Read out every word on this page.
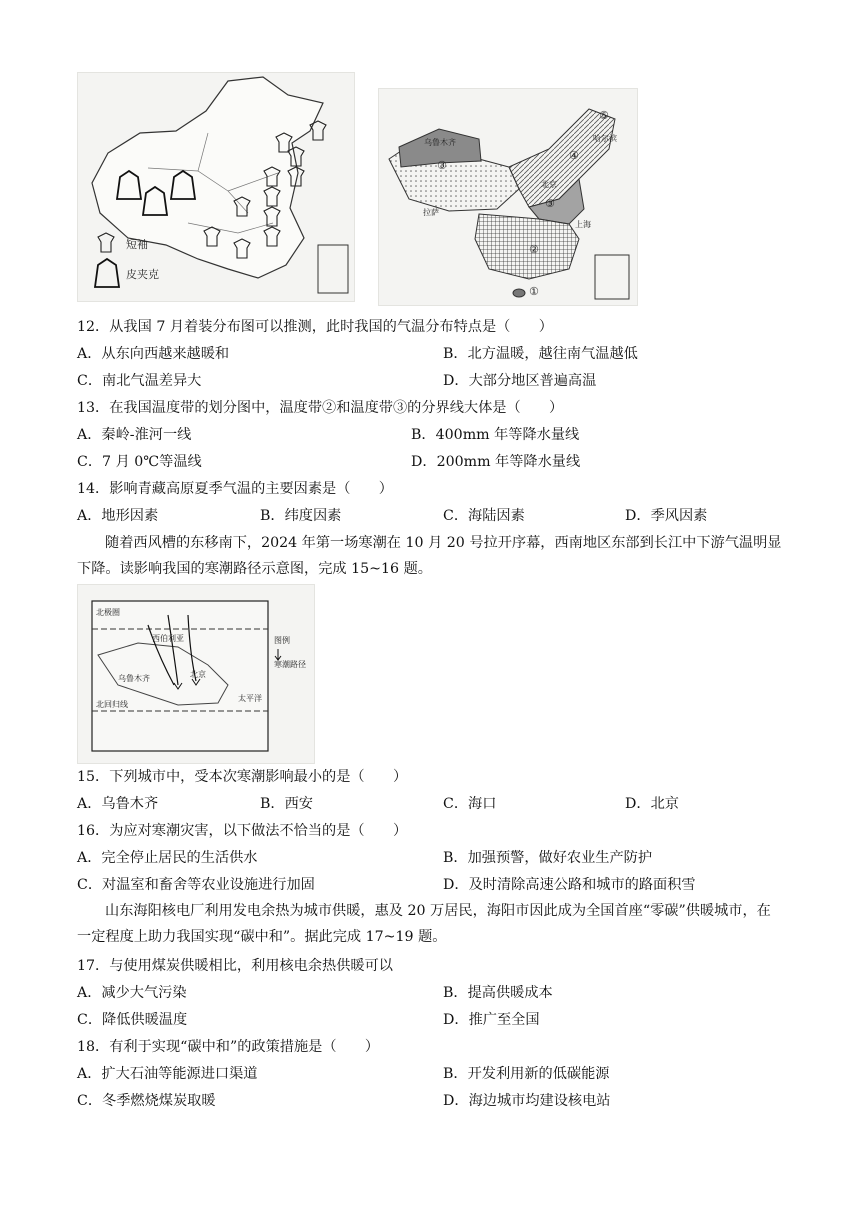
短袖
皮夹克
乌鲁木齐
拉萨
北京
上海
哈尔滨
③
②
③
④
⑤
①
12．从我国 7 月着装分布图可以推测，此时我国的气温分布特点是（　　）
A．从东向西越来越暖和	B．北方温暖，越往南气温越低
C．南北气温差异大	D．大部分地区普遍高温
13．在我国温度带的划分图中，温度带②和温度带③的分界线大体是（　　）
A．秦岭-淮河一线	B．400mm 年等降水量线
C．7 月 0℃等温线	D．200mm 年等降水量线
14．影响青藏高原夏季气温的主要因素是（　　）
A．地形因素	B．纬度因素	C．海陆因素	D．季风因素
随着西风槽的东移南下，2024 年第一场寒潮在 10 月 20 号拉开序幕，西南地区东部到长江中下游气温明显下降。读影响我国的寒潮路径示意图，完成 15~16 题。
北极圈
西伯利亚	图例
寒潮路径
乌鲁木齐	北京
太平洋
北回归线
15．下列城市中，受本次寒潮影响最小的是（　　）
A．乌鲁木齐	B．西安	C．海口	D．北京
16．为应对寒潮灾害，以下做法不恰当的是（　　）
A．完全停止居民的生活供水	B．加强预警，做好农业生产防护
C．对温室和畜舍等农业设施进行加固	D．及时清除高速公路和城市的路面积雪
山东海阳核电厂利用发电余热为城市供暖，惠及 20 万居民，海阳市因此成为全国首座“零碳”供暖城市，在一定程度上助力我国实现“碳中和”。据此完成 17~19 题。
17．与使用煤炭供暖相比，利用核电余热供暖可以
A．减少大气污染	B．提高供暖成本
C．降低供暖温度	D．推广至全国
18．有利于实现“碳中和”的政策措施是（　　）
A．扩大石油等能源进口渠道	B．开发利用新的低碳能源
C．冬季燃烧煤炭取暖	D．海边城市均建设核电站
